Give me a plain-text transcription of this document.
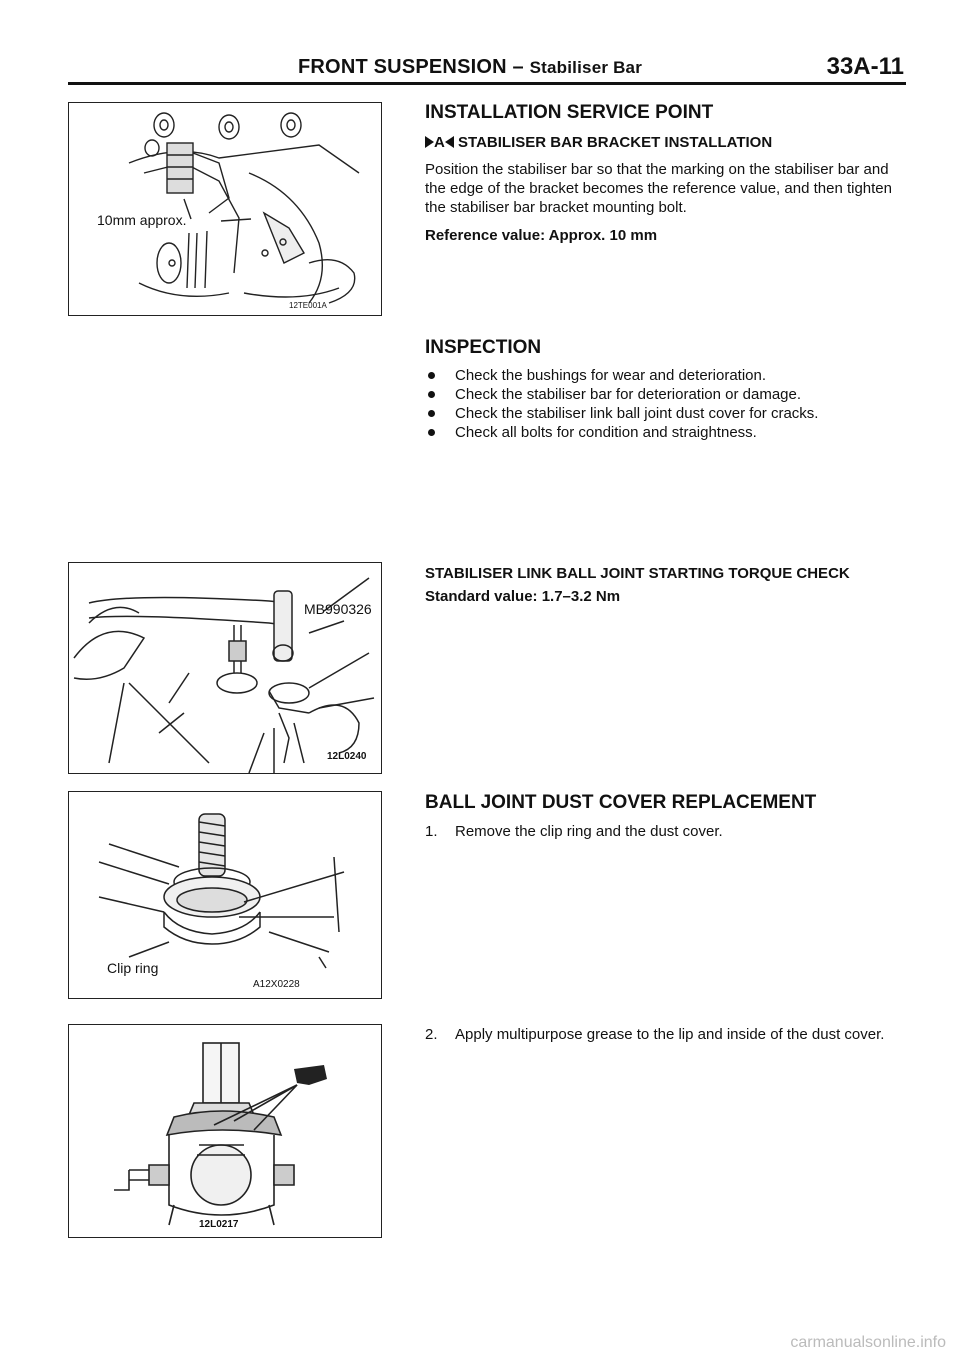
FRONT SUSPENSION – Stabiliser Bar	33A-11
10mm approx.
12TE001A
MB990326
12L0240
Clip ring
A12X0228
12L0217
INSTALLATION SERVICE POINT
A STABILISER BAR BRACKET INSTALLATION

Position the stabiliser bar so that the marking on the stabiliser bar and the edge of the bracket becomes the reference value, and then tighten the stabiliser bar bracket mounting bolt.

Reference value: Approx. 10 mm

INSPECTION
Check the bushings for wear and deterioration.
Check the stabiliser bar for deterioration or damage.
Check the stabiliser link ball joint dust cover for cracks.
Check all bolts for condition and straightness.
STABILISER LINK BALL JOINT STARTING TORQUE CHECK

Standard value: 1.7–3.2 Nm

BALL JOINT DUST COVER REPLACEMENT
1. Remove the clip ring and the dust cover.
2. Apply multipurpose grease to the lip and inside of the dust cover.
carmanualsonline.info
